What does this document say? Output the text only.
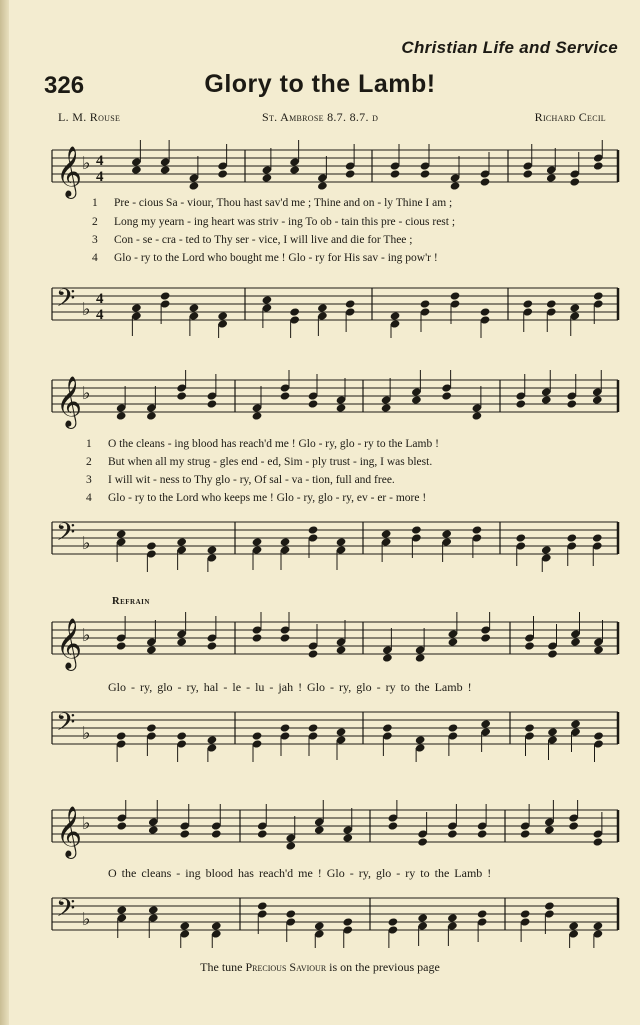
Christian Life and Service
326	Glory to the Lamb!
L. M. Rouse	St. Ambrose 8.7. 8.7. d	Richard Cecil
𝄞 ♭ 4
4
1 Pre - cious Sa - viour, Thou hast sav'd me ; Thine and on - ly Thine I am ;
2 Long my yearn - ing heart was striv - ing To ob - tain this pre - cious rest ;
3 Con - se - cra - ted to Thy ser - vice, I will live and die for Thee ;
4 Glo - ry to the Lord who bought me ! Glo - ry for His sav - ing pow'r !
𝄢 ♭ 4
4
𝄞 ♭
1 O the cleans - ing blood has reach'd me ! Glo - ry, glo - ry to the Lamb !
2 But when all my strug - gles end - ed, Sim - ply trust - ing, I was blest.
3 I will wit - ness to Thy glo - ry, Of sal - va - tion, full and free.
4 Glo - ry to the Lord who keeps me ! Glo - ry, glo - ry, ev - er - more !
𝄢 ♭
Refrain
𝄞 ♭
Glo - ry, glo - ry, hal - le - lu - jah ! Glo - ry, glo - ry to the Lamb !
𝄢 ♭
𝄞 ♭
O the cleans - ing blood has reach'd me ! Glo - ry, glo - ry to the Lamb !
𝄢 ♭
The tune Precious Saviour is on the previous page
